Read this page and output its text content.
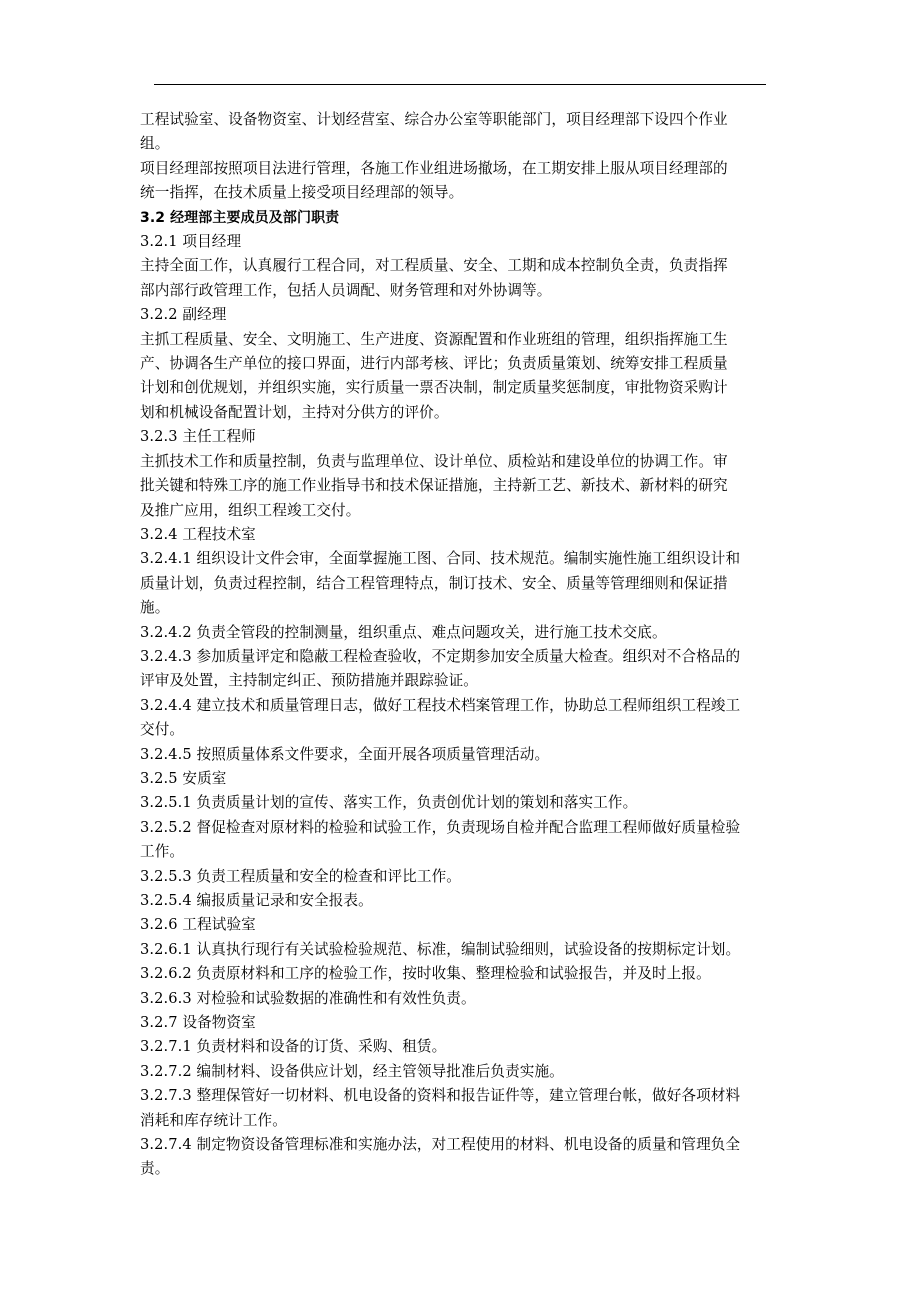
工程试验室、设备物资室、计划经营室、综合办公室等职能部门，项目经理部下设四个作业
组。
项目经理部按照项目法进行管理，各施工作业组进场撤场，在工期安排上服从项目经理部的
统一指挥，在技术质量上接受项目经理部的领导。
3.2 经理部主要成员及部门职责
3.2.1 项目经理
主持全面工作，认真履行工程合同，对工程质量、安全、工期和成本控制负全责，负责指挥
部内部行政管理工作，包括人员调配、财务管理和对外协调等。
3.2.2 副经理
主抓工程质量、安全、文明施工、生产进度、资源配置和作业班组的管理，组织指挥施工生
产、协调各生产单位的接口界面，进行内部考核、评比；负责质量策划、统筹安排工程质量
计划和创优规划，并组织实施，实行质量一票否决制，制定质量奖惩制度，审批物资采购计
划和机械设备配置计划，主持对分供方的评价。
3.2.3 主任工程师
主抓技术工作和质量控制，负责与监理单位、设计单位、质检站和建设单位的协调工作。审
批关键和特殊工序的施工作业指导书和技术保证措施，主持新工艺、新技术、新材料的研究
及推广应用，组织工程竣工交付。
3.2.4 工程技术室
3.2.4.1 组织设计文件会审，全面掌握施工图、合同、技术规范。编制实施性施工组织设计和
质量计划，负责过程控制，结合工程管理特点，制订技术、安全、质量等管理细则和保证措
施。
3.2.4.2 负责全管段的控制测量，组织重点、难点问题攻关，进行施工技术交底。
3.2.4.3 参加质量评定和隐蔽工程检查验收，不定期参加安全质量大检查。组织对不合格品的
评审及处置，主持制定纠正、预防措施并跟踪验证。
3.2.4.4 建立技术和质量管理日志，做好工程技术档案管理工作，协助总工程师组织工程竣工
交付。
3.2.4.5 按照质量体系文件要求，全面开展各项质量管理活动。
3.2.5 安质室
3.2.5.1 负责质量计划的宣传、落实工作，负责创优计划的策划和落实工作。
3.2.5.2 督促检查对原材料的检验和试验工作，负责现场自检并配合监理工程师做好质量检验
工作。
3.2.5.3 负责工程质量和安全的检查和评比工作。
3.2.5.4 编报质量记录和安全报表。
3.2.6 工程试验室
3.2.6.1 认真执行现行有关试验检验规范、标准，编制试验细则，试验设备的按期标定计划。
3.2.6.2 负责原材料和工序的检验工作，按时收集、整理检验和试验报告，并及时上报。
3.2.6.3 对检验和试验数据的准确性和有效性负责。
3.2.7 设备物资室
3.2.7.1 负责材料和设备的订货、采购、租赁。
3.2.7.2 编制材料、设备供应计划，经主管领导批准后负责实施。
3.2.7.3 整理保管好一切材料、机电设备的资料和报告证件等，建立管理台帐，做好各项材料
消耗和库存统计工作。
3.2.7.4 制定物资设备管理标准和实施办法，对工程使用的材料、机电设备的质量和管理负全
责。
